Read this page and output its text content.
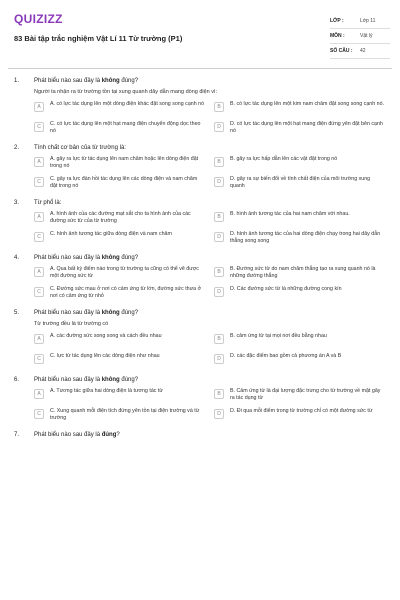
QUIZIZZ
83 Bài tập trắc nghiệm Vật Lí 11 Từ trường (P1)
LỚP :	Lớp 11
MÔN :	Vật lý
SỐ CÂU :	42
1.	Phát biểu nào sau đây là không đúng?
Người ta nhận ra từ trường tồn tại xung quanh dây dẫn mang dòng điện vì:
A	A. có lực tác dụng lên một dòng điện khác đặt song song cạnh nó	B	B. có lực tác dụng lên một kim nam châm đặt song song cạnh nó.
C	C. có lực tác dụng lên một hạt mang điện chuyển động dọc theo nó
D	D. có lực tác dụng lên một hạt mang điện đứng yên đặt bên cạnh nó
2.	Tính chất cơ bản của từ trường là:
A	A. gây ra lực từ tác dụng lên nam châm hoặc lên dòng điện đặt trong nó
B	B. gây ra lực hấp dẫn lên các vật đặt trong nó
C	C. gây ra lực đàn hồi tác dụng lên các dòng điện và nam châm đặt trong nó
D	D. gây ra sự biến đổi về tính chất điện của môi trường xung quanh
3.	Từ phổ là:
A	A. hình ảnh của các đường mạt sắt cho ta hình ảnh của các đường sức từ của từ trường
B	B. hình ảnh tương tác của hai nam châm với nhau.
C	C. hình ảnh tương tác giữa dòng điện và nam châm	D	D. hình ảnh tương tác của hai dòng điện chạy trong hai dây dẫn thẳng song song
4.	Phát biểu nào sau đây là không đúng?
A	A. Qua bất kỳ điểm nào trong từ trường ta cũng có thể vẽ được một đường sức từ
B	B. Đường sức từ do nam châm thẳng tạo ra xung quanh nó là những đường thẳng
C	C. Đường sức mau ở nơi có cảm ứng từ lớn, đường sức thưa ở nơi có cảm ứng từ nhỏ
D	D. Các đường sức từ là những đường cong kín
5.	Phát biểu nào sau đây là không đúng?
Từ trường đều là từ trường có
A	A. các đường sức song song và cách đều nhau	B	B. cảm ứng từ tại mọi nơi đều bằng nhau
C	C. lực từ tác dụng lên các dòng điện như nhau	D	D. các đặc điểm bao gồm cả phương án A và B
6.	Phát biểu nào sau đây là không đúng?
A	A. Tương tác giữa hai dòng điện là tương tác từ	B	B. Cảm ứng từ là đại lượng đặc trưng cho từ trường về mặt gây ra tác dụng từ
C	C. Xung quanh mỗi điện tích đứng yên tồn tại điện trường và từ trường
D	D. Đi qua mỗi điểm trong từ trường chỉ có một đường sức từ
7.	Phát biểu nào sau đây là đúng?
